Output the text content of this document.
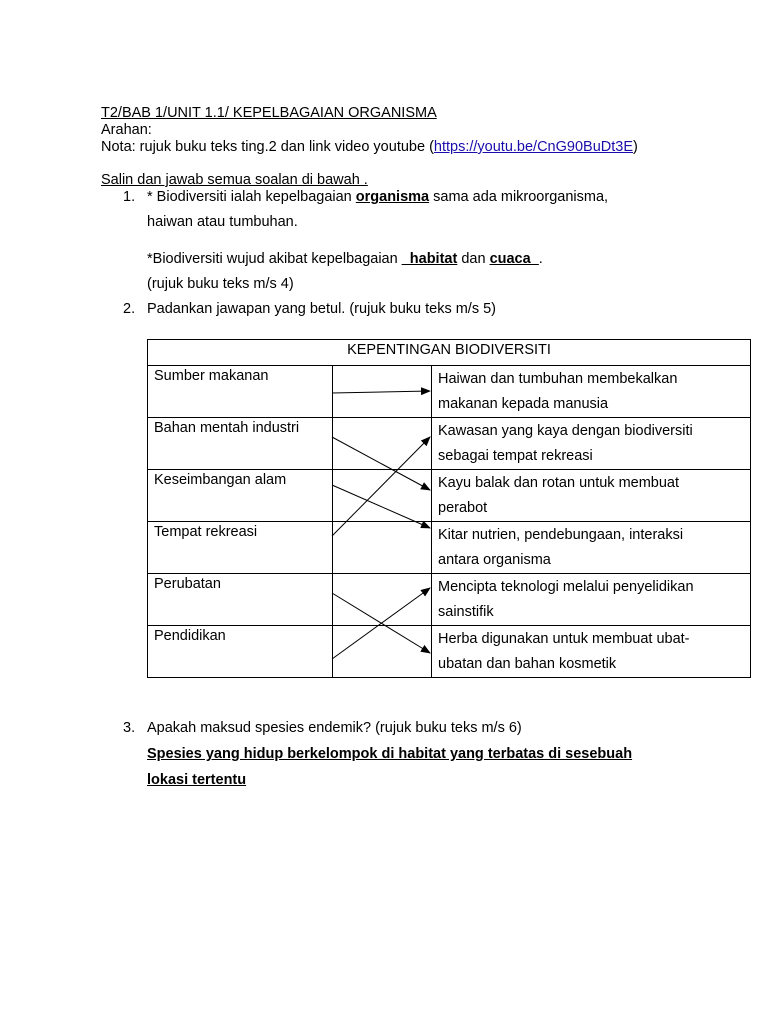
T2/BAB 1/UNIT 1.1/ KEPELBAGAIAN ORGANISMA
Arahan:
Nota: rujuk buku teks ting.2 dan link video youtube (https://youtu.be/CnG90BuDt3E)
Salin dan jawab semua soalan di bawah .
1. * Biodiversiti ialah kepelbagaian organisma sama ada mikroorganisma,
haiwan atau tumbuhan.
*Biodiversiti wujud akibat kepelbagaian _habitat dan cuaca_.
(rujuk buku teks m/s 4)
2. Padankan jawapan yang betul. (rujuk buku teks m/s 5)
KEPENTINGAN BIODIVERSITI		
Sumber makanan		Haiwan dan tumbuhan membekalkan
makanan kepada manusia

Bahan mentah industri		Kawasan yang kaya dengan biodiversiti
sebagai tempat rekreasi

Keseimbangan alam		Kayu balak dan rotan untuk membuat
perabot

Tempat rekreasi		Kitar nutrien, pendebungaan, interaksi
antara organisma

Perubatan		Mencipta teknologi melalui penyelidikan
sainstifik

Pendidikan		Herba digunakan untuk membuat ubat-
ubatan dan bahan kosmetik
3. Apakah maksud spesies endemik? (rujuk buku teks m/s 6)
Spesies yang hidup berkelompok di habitat yang terbatas di sesebuah
lokasi tertentu
